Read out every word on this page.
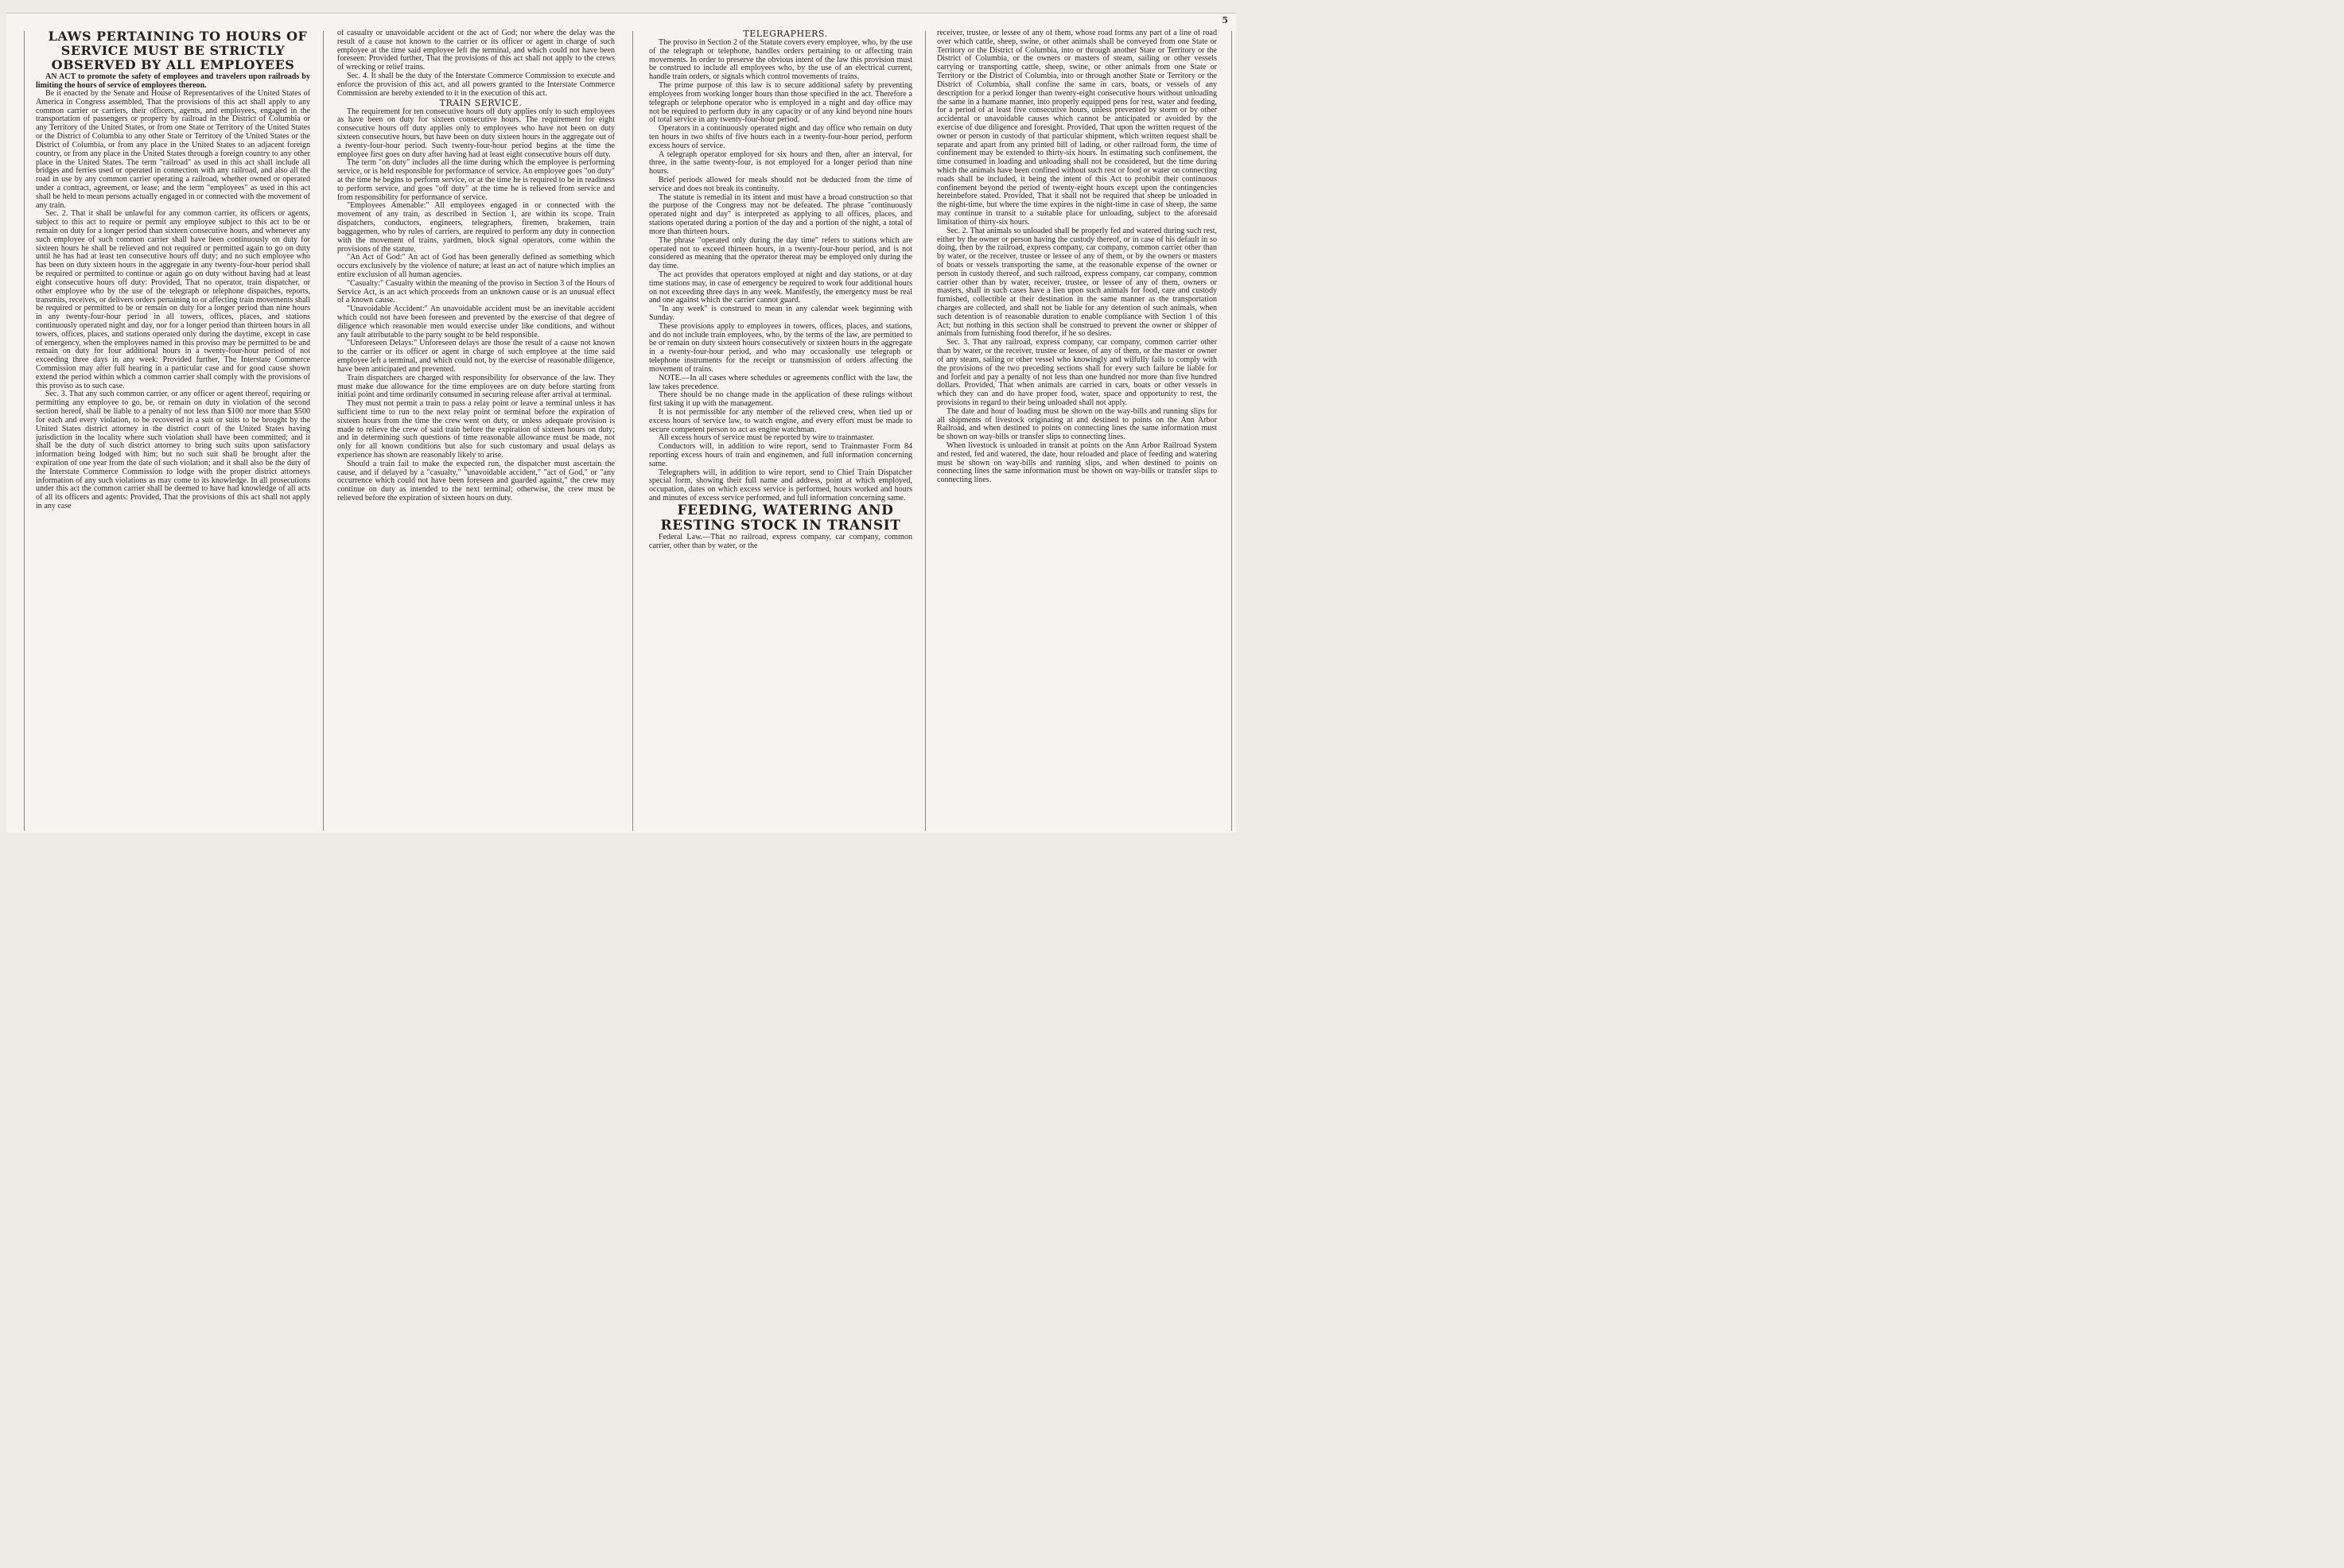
5

LAWS PERTAINING TO HOURS OF SERVICE MUST BE STRICTLY OBSERVED BY ALL EMPLOYEES

AN ACT to promote the safety of employees and travelers upon railroads by limiting the hours of service of employees thereon.

Be it enacted by the Senate and House of Representatives of the United States of America in Congress assembled, That the provisions of this act shall apply to any common carrier or carriers, their officers, agents, and employees, engaged in the transportation of passengers or property by railroad in the District of Columbia or any Territory of the United States, or from one State or Territory of the United States or the District of Columbia to any other State or Territory of the United States or the District of Columbia, or from any place in the United States to an adjacent foreign country, or from any place in the United States through a foreign country to any other place in the United States. The term "railroad" as used in this act shall include all bridges and ferries used or operated in connection with any railroad, and also all the road in use by any common carrier operating a railroad, whether owned or operated under a contract, agreement, or lease; and the term "employees" as used in this act shall be held to mean persons actually engaged in or connected with the movement of any train.

Sec. 2. That it shall be unlawful for any common carrier, its officers or agents, subject to this act to require or permit any employee subject to this act to be or remain on duty for a longer period than sixteen consecutive hours, and whenever any such employee of such common carrier shall have been continuously on duty for sixteen hours he shall be relieved and not required or permitted again to go on duty until he has had at least ten consecutive hours off duty; and no such employee who has been on duty sixteen hours in the aggregate in any twenty-four-hour period shall be required or permitted to continue or again go on duty without having had at least eight consecutive hours off duty: Provided, That no operator, train dispatcher, or other employee who by the use of the telegraph or telephone dispatches, reports, transmits, receives, or delivers orders pertaining to or affecting train movements shall be required or permitted to be or remain on duty for a longer period than nine hours in any twenty-four-hour period in all towers, offices, places, and stations continuously operated night and day, nor for a longer period than thirteen hours in all towers, offices, places, and stations operated only during the daytime, except in case of emergency, when the employees named in this proviso may be permitted to be and remain on duty for four additional hours in a twenty-four-hour period of not exceeding three days in any week: Provided further, The Interstate Commerce Commission may after full hearing in a particular case and for good cause shown extend the period within which a common carrier shall comply with the provisions of this proviso as to such case.

Sec. 3. That any such common carrier, or any officer or agent thereof, requiring or permitting any employee to go, be, or remain on duty in violation of the second section hereof, shall be liable to a penalty of not less than $100 nor more than $500 for each and every violation, to be recovered in a suit or suits to be brought by the United States district attorney in the district court of the United States having jurisdiction in the locality where such violation shall have been committed; and it shall be the duty of such district attorney to bring such suits upon satisfactory information being lodged with him; but no such suit shall be brought after the expiration of one year from the date of such violation; and it shall also be the duty of the Interstate Commerce Commission to lodge with the proper district attorneys information of any such violations as may come to its knowledge. In all prosecutions under this act the common carrier shall be deemed to have had knowledge of all acts of all its officers and agents: Provided, That the provisions of this act shall not apply in any case

of casualty or unavoidable accident or the act of God; nor where the delay was the result of a cause not known to the carrier or its officer or agent in charge of such employee at the time said employee left the terminal, and which could not have been foreseen: Provided further, That the provisions of this act shall not apply to the crews of wrecking or relief trains.

Sec. 4. It shall be the duty of the Interstate Commerce Commission to execute and enforce the provision of this act, and all powers granted to the Interstate Commerce Commission are hereby extended to it in the execution of this act.

TRAIN SERVICE.

The requirement for ten consecutive hours off duty applies only to such employees as have been on duty for sixteen consecutive hours. The requirement for eight consecutive hours off duty applies only to employees who have not been on duty sixteen consecutive hours, but have been on duty sixteen hours in the aggregate out of a twenty-four-hour period. Such twenty-four-hour period begins at the time the employee first goes on duty after having had at least eight consecutive hours off duty.

The term "on duty" includes all the time during which the employee is performing service, or is held responsible for performance of service. An employee goes "on duty" at the time he begins to perform service, or at the time he is required to be in readiness to perform service, and goes "off duty" at the time he is relieved from service and from responsibility for performance of service.

"Employees Amenable:" All employees engaged in or connected with the movement of any train, as described in Section 1, are within its scope. Train dispatchers, conductors, engineers, telegraphers, firemen, brakemen, train baggagemen, who by rules of carriers, are required to perform any duty in connection with the movement of trains, yardmen, block signal operators, come within the provisions of the statute.

"An Act of God:" An act of God has been generally defined as something which occurs exclusively by the violence of nature; at least an act of nature which implies an entire exclusion of all human agencies.

"Casualty:" Casualty within the meaning of the proviso in Section 3 of the Hours of Service Act, is an act which proceeds from an unknown cause or is an unusual effect of a known cause.

"Unavoidable Accident:" An unavoidable accident must be an inevitable accident which could not have been foreseen and prevented by the exercise of that degree of diligence which reasonable men would exercise under like conditions, and without any fault attributable to the party sought to be held responsible.

"Unforeseen Delays:" Unforeseen delays are those the result of a cause not known to the carrier or its officer or agent in charge of such employee at the time said employee left a terminal, and which could not, by the exercise of reasonable diligence, have been anticipated and prevented.

Train dispatchers are charged with responsibility for observance of the law. They must make due allowance for the time employees are on duty before starting from initial point and time ordinarily consumed in securing release after arrival at terminal.

They must not permit a train to pass a relay point or leave a terminal unless it has sufficient time to run to the next relay point or terminal before the expiration of sixteen hours from the time the crew went on duty, or unless adequate provision is made to relieve the crew of said train before the expiration of sixteen hours on duty; and in determining such questions of time reasonable allowance must be made, not only for all known conditions but also for such customary and usual delays as experience has shown are reasonably likely to arise.

Should a train fail to make the expected run, the dispatcher must ascertain the cause, and if delayed by a "casualty," "unavoidable accident," "act of God," or "any occurrence which could not have been foreseen and guarded against," the crew may continue on duty as intended to the next terminal; otherwise, the crew must be relieved before the expiration of sixteen hours on duty.

TELEGRAPHERS.

The proviso in Section 2 of the Statute covers every employee, who, by the use of the telegraph or telephone, handles orders pertaining to or affecting train movements. In order to preserve the obvious intent of the law this provision must be construed to include all employees who, by the use of an electrical current, handle train orders, or signals which control movements of trains.

The prime purpose of this law is to secure additional safety by preventing employees from working longer hours than those specified in the act. Therefore a telegraph or telephone operator who is employed in a night and day office may not be required to perform duty in any capacity or of any kind beyond nine hours of total service in any twenty-four-hour period.

Operators in a continuously operated night and day office who remain on duty ten hours in two shifts of five hours each in a twenty-four-hour period, perform excess hours of service.

A telegraph operator employed for six hours and then, after an interval, for three, in the same twenty-four, is not employed for a longer period than nine hours.

Brief periods allowed for meals should not be deducted from the time of service and does not break its continuity.

The statute is remedial in its intent and must have a broad construction so that the purpose of the Congress may not be defeated. The phrase "continuously operated night and day" is interpreted as applying to all offices, places, and stations operated during a portion of the day and a portion of the night, a total of more than thirteen hours.

The phrase "operated only during the day time" refers to stations which are operated not to exceed thirteen hours, in a twenty-four-hour period, and is not considered as meaning that the operator thereat may be employed only during the day time.

The act provides that operators employed at night and day stations, or at day time stations may, in case of emergency be required to work four additional hours on not exceeding three days in any week. Manifestly, the emergency must be real and one against which the carrier cannot guard.

"In any week" is construed to mean in any calendar week beginning with Sunday.

These provisions apply to employees in towers, offices, places, and stations, and do not include train employees, who, by the terms of the law, are permitted to be or remain on duty sixteen hours consecutively or sixteen hours in the aggregate in a twenty-four-hour period, and who may occasionally use telegraph or telephone instruments for the receipt or transmission of orders affecting the movement of trains.

NOTE.—In all cases where schedules or agreements conflict with the law, the law takes precedence.

There should be no change made in the application of these rulings without first taking it up with the management.

It is not permissible for any member of the relieved crew, when tied up or excess hours of service law, to watch engine, and every effort must be made to secure competent person to act as engine watchman.

All excess hours of service must be reported by wire to trainmaster.

Conductors will, in addition to wire report, send to Trainmaster Form 84 reporting excess hours of train and enginemen, and full information concerning same.

Telegraphers will, in addition to wire report, send to Chief Train Dispatcher special form, showing their full name and address, point at which employed, occupation, dates on which excess service is performed, hours worked and hours and minutes of excess service performed, and full information concerning same.

FEEDING, WATERING AND RESTING STOCK IN TRANSIT

Federal Law.—That no railroad, express company, car company, common carrier, other than by water, or the

receiver, trustee, or lessee of any of them, whose road forms any part of a line of road over which cattle, sheep, swine, or other animals shall be conveyed from one State or Territory or the District of Columbia, into or through another State or Territory or the District of Columbia, or the owners or masters of steam, sailing or other vessels carrying or transporting cattle, sheep, swine, or other animals from one State or Territory or the District of Columbia, into or through another State or Territory or the District of Columbia, shall confine the same in cars, boats, or vessels of any description for a period longer than twenty-eight consecutive hours without unloading the same in a humane manner, into properly equipped pens for rest, water and feeding, for a period of at least five consecutive hours, unless prevented by storm or by other accidental or unavoidable causes which cannot be anticipated or avoided by the exercise of due diligence and foresight. Provided, That upon the written request of the owner or person in custody of that particular shipment, which written request shall be separate and apart from any printed bill of lading, or other railroad form, the time of confinement may be extended to thirty-six hours. In estimating such confinement, the time consumed in loading and unloading shall not be considered, but the time during which the animals have been confined without such rest or food or water on connecting roads shall be included, it being the intent of this Act to prohibit their continuous confinement beyond the period of twenty-eight hours except upon the contingencies hereinbefore stated. Provided, That it shall not be required that sheep be unloaded in the night-time, but where the time expires in the night-time in case of sheep, the same may continue in transit to a suitable place for unloading, subject to the aforesaid limitation of thirty-six hours.

Sec. 2. That animals so unloaded shall be properly fed and watered during such rest, either by the owner or person having the custody thereof, or in case of his default in so doing, then by the railroad, express company, car company, common carrier other than by water, or the receiver, trustee or lessee of any of them, or by the owners or masters of boats or vessels transporting the same, at the reasonable expense of the owner or person in custody thereof, and such railroad, express company, car company, common carrier other than by water, receiver, trustee, or lessee of any of them, owners or masters, shall in such cases have a lien upon such animals for food, care and custody furnished, collectible at their destination in the same manner as the transportation charges are collected, and shall not be liable for any detention of such animals, when such detention is of reasonable duration to enable compliance with Section 1 of this Act; but nothing in this section shall be construed to prevent the owner or shipper of animals from furnishing food therefor, if he so desires.

Sec. 3. That any railroad, express company, car company, common carrier other than by water, or the receiver, trustee or lessee, of any of them, or the master or owner of any steam, sailing or other vessel who knowingly and wilfully fails to comply with the provisions of the two preceding sections shall for every such failure be liable for and forfeit and pay a penalty of not less than one hundred nor more than five hundred dollars. Provided, That when animals are carried in cars, boats or other vessels in which they can and do have proper food, water, space and opportunity to rest, the provisions in regard to their being unloaded shall not apply.

The date and hour of loading must be shown on the way-bills and running slips for all shipments of livestock originating at and destined to points on the Ann Arbor Railroad, and when destined to points on connecting lines the same information must be shown on way-bills or transfer slips to connecting lines.

When livestock is unloaded in transit at points on the Ann Arbor Railroad System and rested, fed and watered, the date, hour reloaded and place of feeding and watering must be shown on way-bills and running slips, and when destined to points on connecting lines the same information must be shown on way-bills or transfer slips to connecting lines.
